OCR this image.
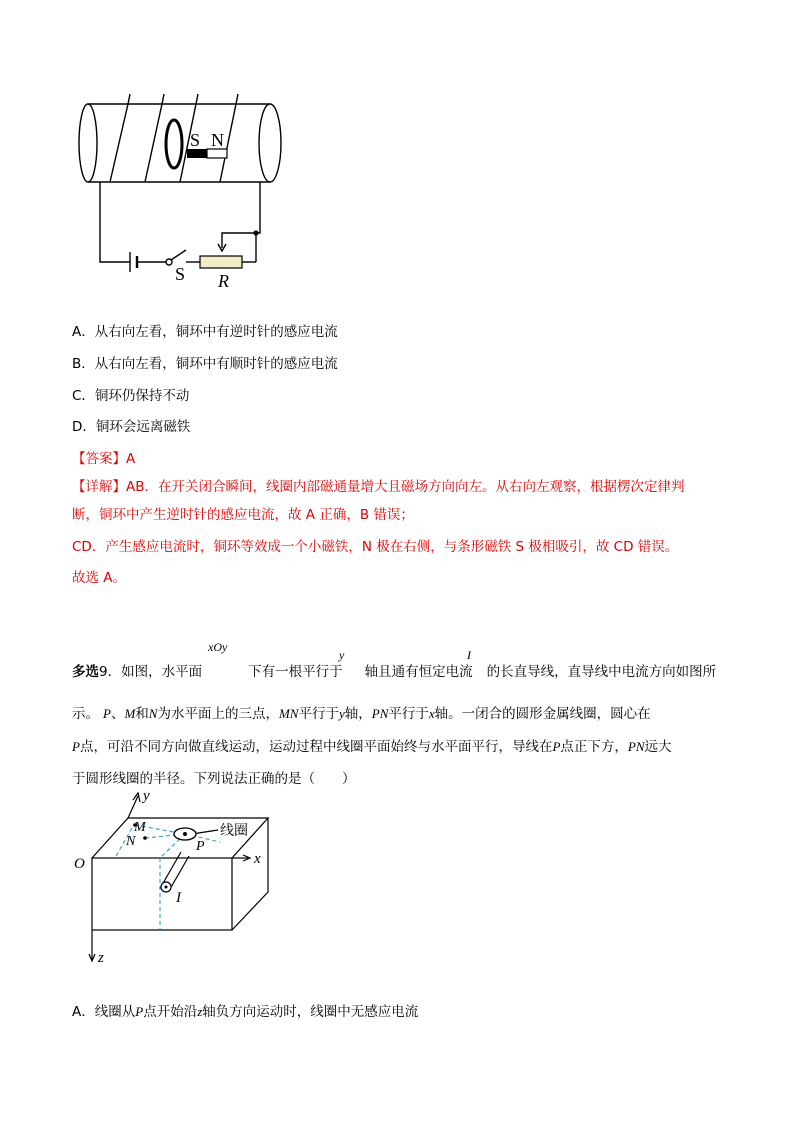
S N
S R
A．从右向左看，铜环中有逆时针的感应电流
B．从右向左看，铜环中有顺时针的感应电流
C．铜环仍保持不动
D．铜环会远离磁铁
【答案】A
【详解】AB．在开关闭合瞬间，线圈内部磁通量增大且磁场方向向左。从右向左观察，根据楞次定律判
断，铜环中产生逆时针的感应电流，故 A 正确，B 错误；
CD．产生感应电流时，铜环等效成一个小磁铁，N 极在右侧，与条形磁铁 S 极相吸引，故 CD 错误。
故选 A。
xOy
y	I
多选9．如图，水平面	下有一根平行于 轴且通有恒定电流 的长直导线，直导线中电流方向如图所
示。 P、M和N为水平面上的三点，MN平行于y轴，PN平行于x轴。一闭合的圆形金属线圈，圆心在
P点，可沿不同方向做直线运动，运动过程中线圈平面始终与水平面平行，导线在P点正下方，PN远大
于圆形线圈的半径。下列说法正确的是（　　）
y
M
N
线圈
P
O	x
I
z
A．线圈从P点开始沿z轴负方向运动时，线圈中无感应电流
